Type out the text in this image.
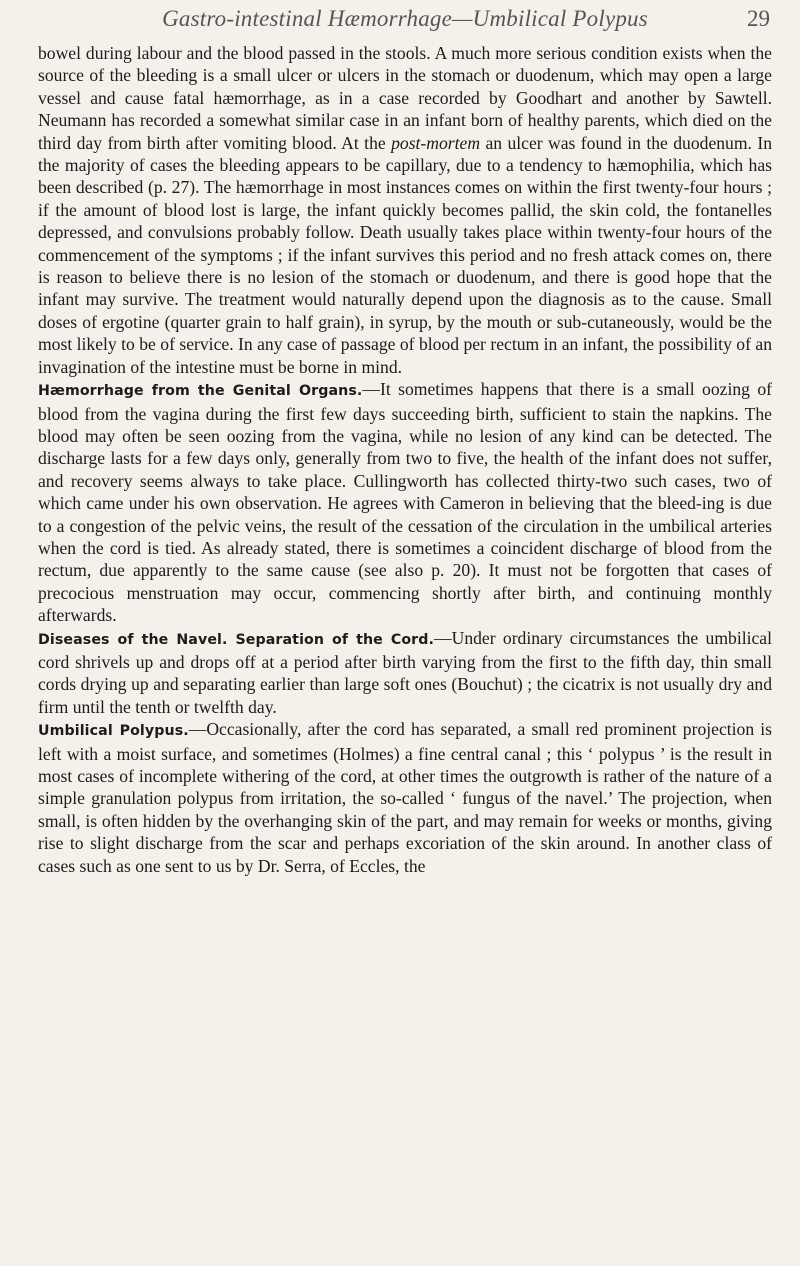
Gastro-intestinal Hæmorrhage—Umbilical Polypus	29

bowel during labour and the blood passed in the stools. A much more serious condition exists when the source of the bleeding is a small ulcer or ulcers in the stomach or duodenum, which may open a large vessel and cause fatal hæmorrhage, as in a case recorded by Goodhart and another by Sawtell. Neumann has recorded a somewhat similar case in an infant born of healthy parents, which died on the third day from birth after vomiting blood. At the post-mortem an ulcer was found in the duodenum. In the majority of cases the bleeding appears to be capillary, due to a tendency to hæmophilia, which has been described (p. 27). The hæmorrhage in most instances comes on within the first twenty-four hours ; if the amount of blood lost is large, the infant quickly becomes pallid, the skin cold, the fontanelles depressed, and convulsions probably follow. Death usually takes place within twenty-four hours of the commencement of the symptoms ; if the infant survives this period and no fresh attack comes on, there is reason to believe there is no lesion of the stomach or duodenum, and there is good hope that the infant may survive. The treatment would naturally depend upon the diagnosis as to the cause. Small doses of ergotine (quarter grain to half grain), in syrup, by the mouth or sub-cutaneously, would be the most likely to be of service. In any case of passage of blood per rectum in an infant, the possibility of an invagination of the intestine must be borne in mind.

Hæmorrhage from the Genital Organs.—It sometimes happens that there is a small oozing of blood from the vagina during the first few days succeeding birth, sufficient to stain the napkins. The blood may often be seen oozing from the vagina, while no lesion of any kind can be detected. The discharge lasts for a few days only, generally from two to five, the health of the infant does not suffer, and recovery seems always to take place. Cullingworth has collected thirty-two such cases, two of which came under his own observation. He agrees with Cameron in believing that the bleed-ing is due to a congestion of the pelvic veins, the result of the cessation of the circulation in the umbilical arteries when the cord is tied. As already stated, there is sometimes a coincident discharge of blood from the rectum, due apparently to the same cause (see also p. 20). It must not be forgotten that cases of precocious menstruation may occur, commencing shortly after birth, and continuing monthly afterwards.

Diseases of the Navel. Separation of the Cord.—Under ordinary circumstances the umbilical cord shrivels up and drops off at a period after birth varying from the first to the fifth day, thin small cords drying up and separating earlier than large soft ones (Bouchut) ; the cicatrix is not usually dry and firm until the tenth or twelfth day.

Umbilical Polypus.—Occasionally, after the cord has separated, a small red prominent projection is left with a moist surface, and sometimes (Holmes) a fine central canal ; this ‘ polypus ’ is the result in most cases of incomplete withering of the cord, at other times the outgrowth is rather of the nature of a simple granulation polypus from irritation, the so-called ‘ fungus of the navel.’ The projection, when small, is often hidden by the overhanging skin of the part, and may remain for weeks or months, giving rise to slight discharge from the scar and perhaps excoriation of the skin around. In another class of cases such as one sent to us by Dr. Serra, of Eccles, the
